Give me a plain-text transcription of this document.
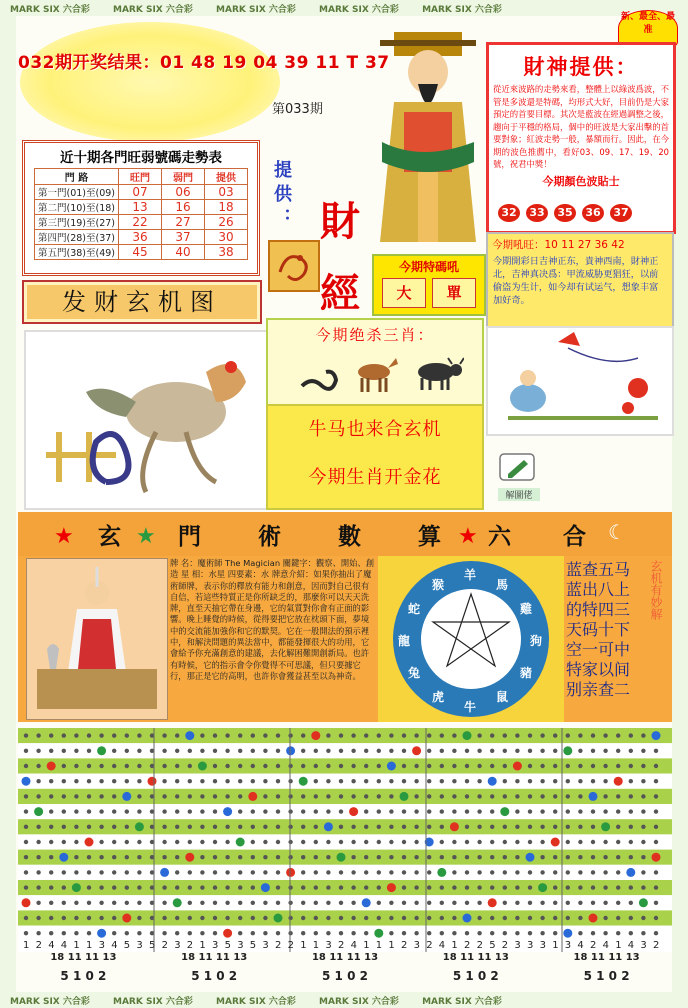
MARK SIX 六合彩	MARK SIX 六合彩	MARK SIX 六合彩	MARK SIX 六合彩	MARK SIX 六合彩
MARK SIX 六合彩	MARK SIX 六合彩	MARK SIX 六合彩	MARK SIX 六合彩	MARK SIX 六合彩
032期开奖结果：01 48 19 04 39 11 T 37
第033期
新、最全、最准
近十期各門旺弱號碼走勢表
門 路	旺門	弱門	提供
第一門(01)至(09)	07	06	03
第二門(10)至(18)	13	16	18
第三門(19)至(27)	22	27	26
第四門(28)至(37)	36	37	30
第五門(38)至(49)	45	40	38
发财玄机图
提供： 財
經
今期特碼吼
大	單
財神提供：
從近來波路的走勢來看，整體上以綠波爲波，不管是多波還是特碼，均形式大好，目前仍是大家預定的首要目標。其次是藍波在經過調整之後，趨向于平穩的格局，個中的旺波是大家出擊的首要對象；紅波走勢一般，暴額而行。因此，在今期的波色推薦中，看好03、09、17、19、20號，祝君中獎！
今期顏色波貼士
32	33	35	36	37
今期吼旺：10 11 27 36 42
今期開彩日吉神正东，貴神西南，財神正北，吉神真决爲：甲流威胁更猖狂，以前偷盗为生计，如今却有试运气，想象丰富加好奇。
今期绝杀三肖：
牛马也来合玄机
今期生肖开金花
解圖佬
玄 門 術 數 算 六 合
★	★	★	☾
牌 名：魔術師 The Magician 關鍵字：觀察、開始、創造 星 相：水星 四要素：水 牌意介紹：如果你抽出了魔術師牌，表示你的釋放有能力和創意，因而對自己很有自信，若這些特質正是你所缺乏的，那麼你可以天天洗牌，直至天抽它帶在身邊，它的氣質對你會有正面的影響。晚上睡覺的時候，從得要把它放在枕頭下面，夢境中的交流能加強你和它的默契。它在一般開法的預示裡中，和解決問題的異法當中，都能發揮很大的功用，它會給予你充滿創意的建議，去化解困難開創新局。也許有時候，它的指示會令你覺得不可思議，但只要據它行，那正是它的高明，也許你會獲益甚至以為神奇。
羊
馬
雞
狗
豬
鼠
牛
虎
兔
龍
蛇
猴
蓝查五马
蓝出八上
的特四三
天码十下
空一可中
特家以间
别亲查二
玄机有妙解
1 2 4 4 1 1 3 4 5 3 5 2 3 2 1 3 5 3 5 3 2 2 1 1 3 2 4 1 1 1 2 3 2 4 1 2 2 5 2 3 3 3 1 3 4 2 4 1 4 3 2
18 11 11 13	18 11 11 13	18 11 11 13	18 11 11 13	18 11 11 13
5 1 0 2	5 1 0 2	5 1 0 2	5 1 0 2	5 1 0 2
